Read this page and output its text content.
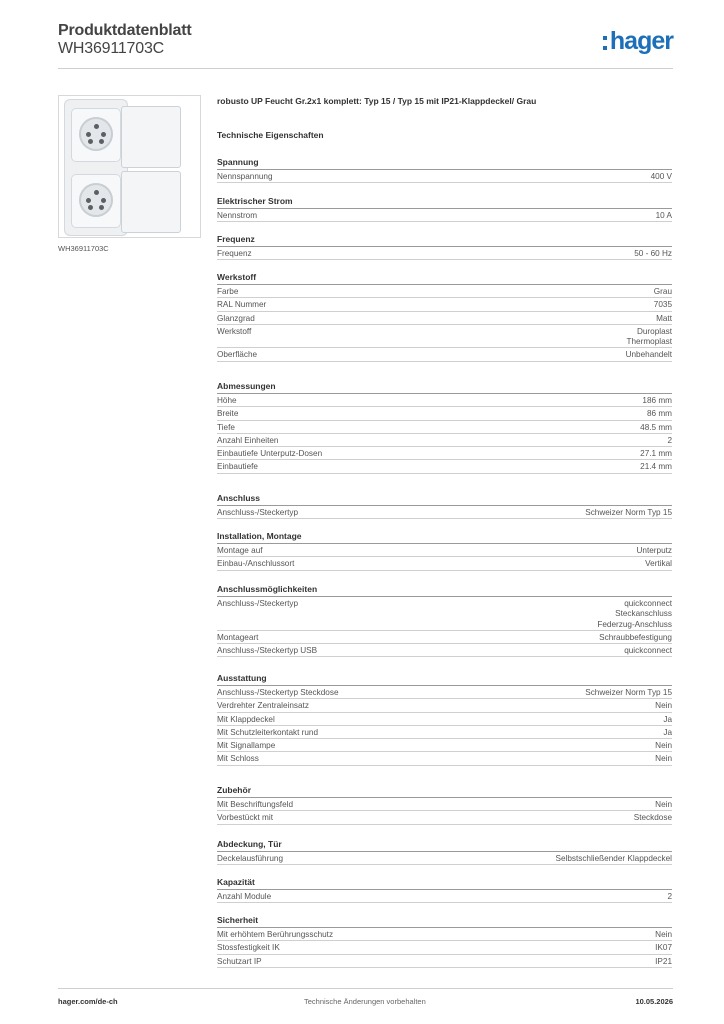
Produktdatenblatt
WH36911703C	hager
WH36911703C
robusto UP Feucht Gr.2x1 komplett: Typ 15 / Typ 15 mit IP21-Klappdeckel/ Grau
Technische Eigenschaften
Spannung
Nennspannung	400 V
Elektrischer Strom
Nennstrom	10 A
Frequenz
Frequenz	50 - 60 Hz
Werkstoff
Farbe	Grau
RAL Nummer	7035
Glanzgrad	Matt
Werkstoff	Duroplast
Thermoplast
Oberfläche	Unbehandelt
Abmessungen
Höhe	186 mm
Breite	86 mm
Tiefe	48.5 mm
Anzahl Einheiten	2
Einbautiefe Unterputz-Dosen	27.1 mm
Einbautiefe	21.4 mm
Anschluss
Anschluss-/Steckertyp	Schweizer Norm Typ 15
Installation, Montage
Montage auf	Unterputz
Einbau-/Anschlussort	Vertikal
Anschlussmöglichkeiten
Anschluss-/Steckertyp	quickconnect
Steckanschluss
Federzug-Anschluss
Montageart	Schraubbefestigung
Anschluss-/Steckertyp USB	quickconnect
Ausstattung
Anschluss-/Steckertyp Steckdose	Schweizer Norm Typ 15
Verdrehter Zentraleinsatz	Nein
Mit Klappdeckel	Ja
Mit Schutzleiterkontakt rund	Ja
Mit Signallampe	Nein
Mit Schloss	Nein
Zubehör
Mit Beschriftungsfeld	Nein
Vorbestückt mit	Steckdose
Abdeckung, Tür
Deckelausführung	Selbstschließender Klappdeckel
Kapazität
Anzahl Module	2
Sicherheit
Mit erhöhtem Berührungsschutz	Nein
Stossfestigkeit IK	IK07
Schutzart IP	IP21
hager.com/de-ch	Technische Änderungen vorbehalten	10.05.2026
